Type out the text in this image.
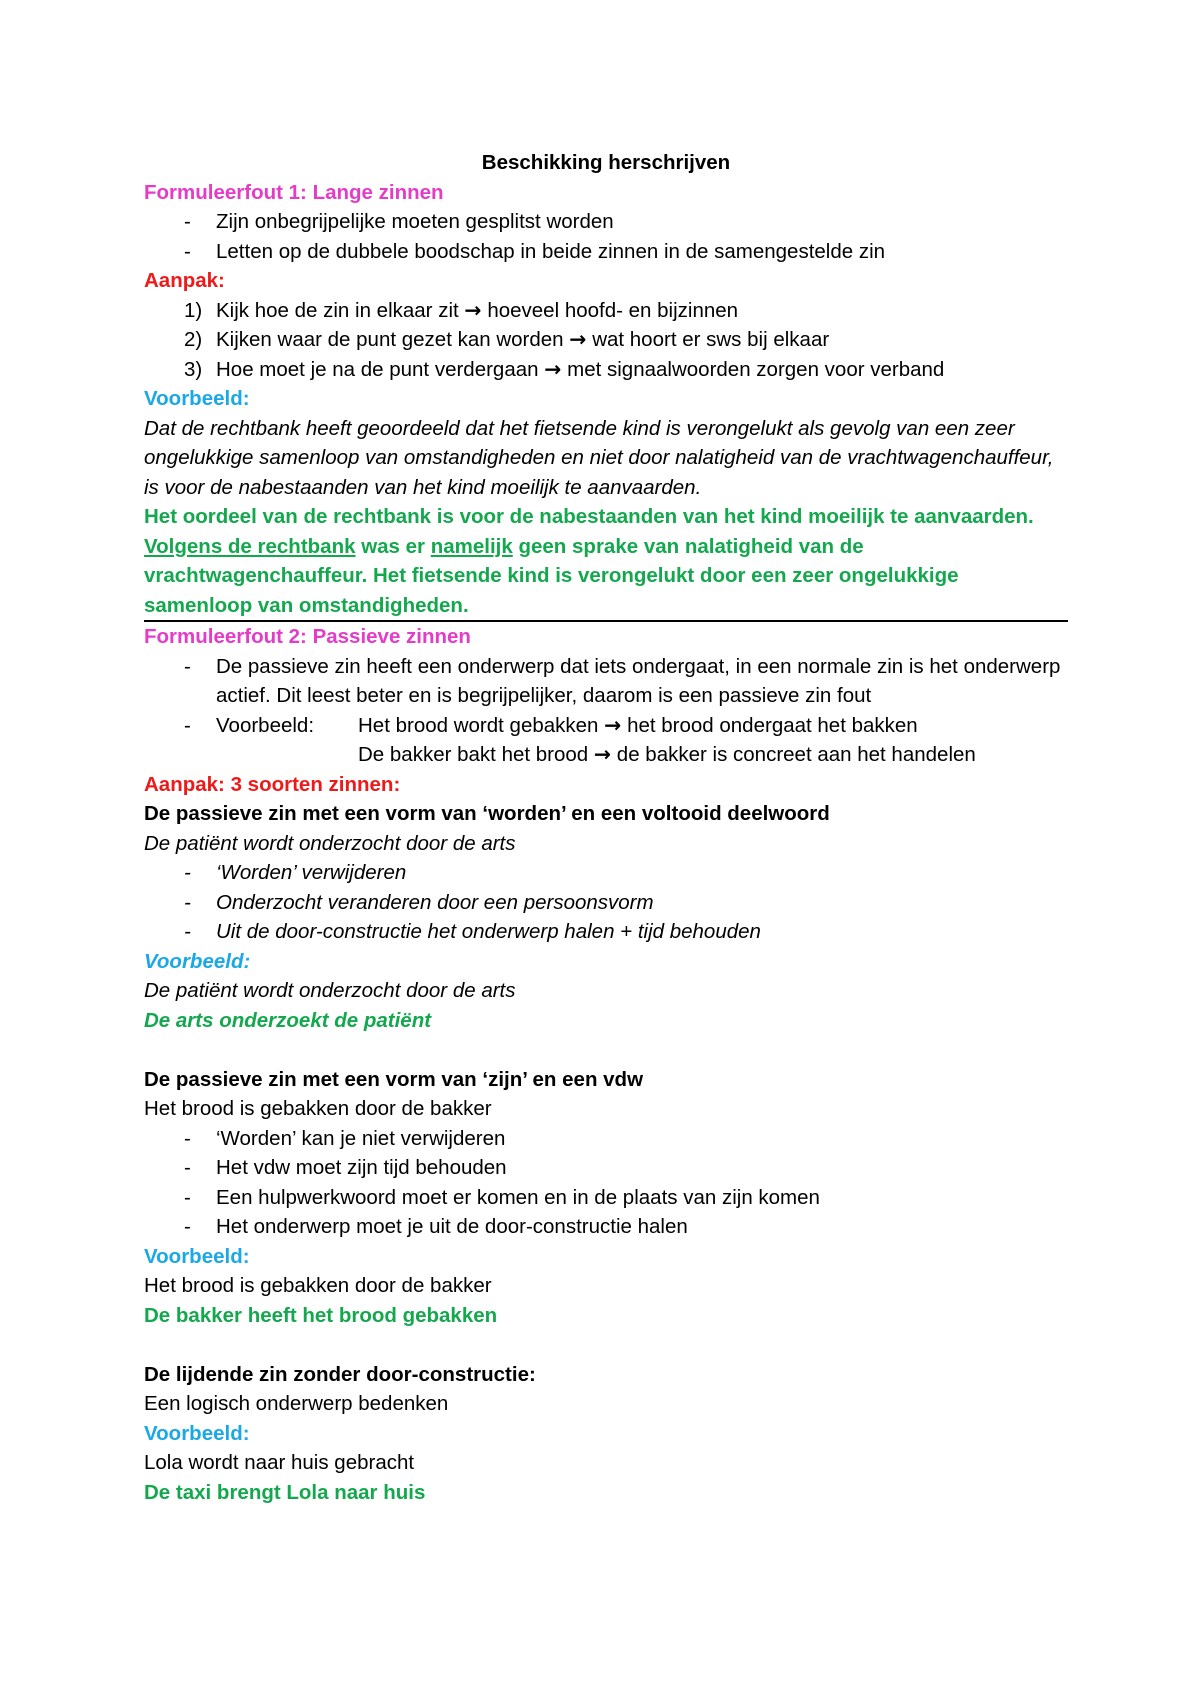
Beschikking herschrijven
Formuleerfout 1: Lange zinnen
-	Zijn onbegrijpelijke moeten gesplitst worden
-	Letten op de dubbele boodschap in beide zinnen in de samengestelde zin
Aanpak:
1) Kijk hoe de zin in elkaar zit → hoeveel hoofd- en bijzinnen
2) Kijken waar de punt gezet kan worden → wat hoort er sws bij elkaar
3) Hoe moet je na de punt verdergaan → met signaalwoorden zorgen voor verband
Voorbeeld:
Dat de rechtbank heeft geoordeeld dat het fietsende kind is verongelukt als gevolg van een zeer ongelukkige samenloop van omstandigheden en niet door nalatigheid van de vrachtwagenchauffeur, is voor de nabestaanden van het kind moeilijk te aanvaarden.
Het oordeel van de rechtbank is voor de nabestaanden van het kind moeilijk te aanvaarden. Volgens de rechtbank was er namelijk geen sprake van nalatigheid van de vrachtwagenchauffeur. Het fietsende kind is verongelukt door een zeer ongelukkige samenloop van omstandigheden.
Formuleerfout 2: Passieve zinnen
-	De passieve zin heeft een onderwerp dat iets ondergaat, in een normale zin is het onderwerp actief. Dit leest beter en is begrijpelijker, daarom is een passieve zin fout
-	Voorbeeld:	Het brood wordt gebakken → het brood ondergaat het bakken
De bakker bakt het brood → de bakker is concreet aan het handelen
Aanpak: 3 soorten zinnen:
De passieve zin met een vorm van ‘worden’ en een voltooid deelwoord
De patiënt wordt onderzocht door de arts
-	‘Worden’ verwijderen
-	Onderzocht veranderen door een persoonsvorm
-	Uit de door-constructie het onderwerp halen + tijd behouden
Voorbeeld:
De patiënt wordt onderzocht door de arts
De arts onderzoekt de patiënt
De passieve zin met een vorm van ‘zijn’ en een vdw
Het brood is gebakken door de bakker
-	‘Worden’ kan je niet verwijderen
-	Het vdw moet zijn tijd behouden
-	Een hulpwerkwoord moet er komen en in de plaats van zijn komen
-	Het onderwerp moet je uit de door-constructie halen
Voorbeeld:
Het brood is gebakken door de bakker
De bakker heeft het brood gebakken
De lijdende zin zonder door-constructie:
Een logisch onderwerp bedenken
Voorbeeld:
Lola wordt naar huis gebracht
De taxi brengt Lola naar huis
